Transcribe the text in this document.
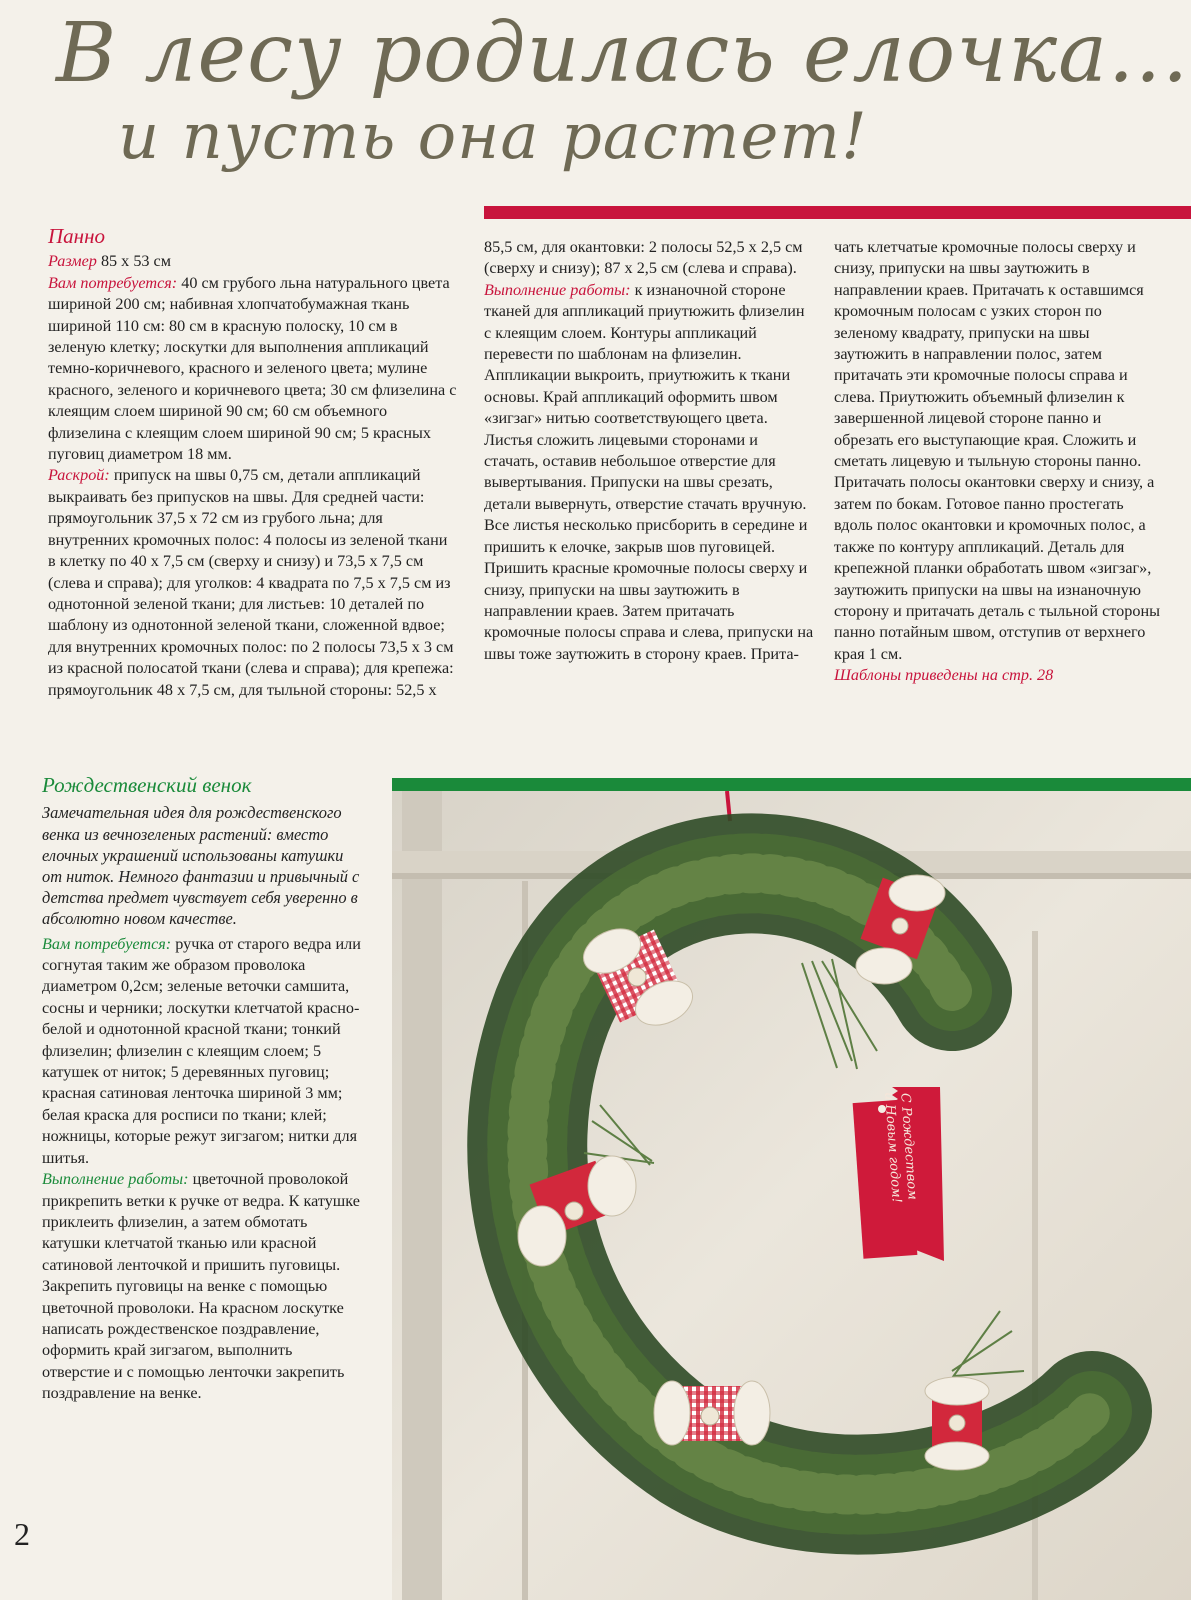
В лесу родилась елочка...
и пусть она растет!
Панно

Размер 85 х 53 см

Вам потребуется: 40 см грубого льна натурального цвета шириной 200 см; набивная хлопчатобумажная ткань шириной 110 см: 80 см в красную полоску, 10 см в зеленую клетку; лоскутки для выполнения аппликаций темно-коричневого, красного и зеленого цвета; мулине красного, зеленого и коричневого цвета; 30 см флизелина с клеящим слоем шириной 90 см; 60 см объемного флизелина с клеящим слоем шириной 90 см; 5 красных пуговиц диаметром 18 мм.

Раскрой: припуск на швы 0,75 см, детали аппликаций выкраивать без припусков на швы. Для средней части: прямоугольник 37,5 х 72 см из грубого льна; для внутренних кромочных полос: 4 полосы из зеленой ткани в клетку по 40 х 7,5 см (сверху и снизу) и 73,5 х 7,5 см (слева и справа); для уголков: 4 квадрата по 7,5 х 7,5 см из однотонной зеленой ткани; для листьев: 10 деталей по шаблону из однотонной зеленой ткани, сложенной вдвое; для внутренних кромочных полос: по 2 полосы 73,5 х 3 см из красной полосатой ткани (слева и справа); для крепежа: прямоугольник 48 х 7,5 см, для тыльной стороны: 52,5 х

85,5 см, для окантовки: 2 полосы 52,5 х 2,5 см (сверху и снизу); 87 х 2,5 см (слева и справа).

Выполнение работы: к изнаночной стороне тканей для аппликаций приутюжить флизелин с клеящим слоем. Контуры аппликаций перевести по шаблонам на флизелин. Аппликации выкроить, приутюжить к ткани основы. Край аппликаций оформить швом «зигзаг» нитью соответствующего цвета. Листья сложить лицевыми сторонами и стачать, оставив небольшое отверстие для вывертывания. Припуски на швы срезать, детали вывернуть, отверстие стачать вручную. Все листья несколько присборить в середине и пришить к елочке, закрыв шов пуговицей. Пришить красные кромочные полосы сверху и снизу, припуски на швы заутюжить в направлении краев. Затем притачать кромочные полосы справа и слева, припуски на швы тоже заутюжить в сторону краев. Прита-

чать клетчатые кромочные полосы сверху и снизу, припуски на швы заутюжить в направлении краев. Притачать к оставшимся кромочным полосам с узких сторон по зеленому квадрату, припуски на швы заутюжить в направлении полос, затем притачать эти кромочные полосы справа и слева. Приутюжить объемный флизелин к завершенной лицевой стороне панно и обрезать его выступающие края. Сложить и сметать лицевую и тыльную стороны панно. Притачать полосы окантовки сверху и снизу, а затем по бокам. Готовое панно простегать вдоль полос окантовки и кромочных полос, а также по контуру аппликаций. Деталь для крепежной планки обработать швом «зигзаг», заутюжить припуски на швы на изнаночную сторону и притачать деталь с тыльной стороны панно потайным швом, отступив от верхнего края 1 см.

Шаблоны приведены на стр. 28

Рождественский венок

Замечательная идея для рождественского венка из вечнозеленых растений: вместо елочных украшений использованы катушки от ниток. Немного фантазии и привычный с детства предмет чувствует себя уверенно в абсолютно новом качестве.

Вам потребуется: ручка от старого ведра или согнутая таким же образом проволока диаметром 0,2см; зеленые веточки самшита, сосны и черники; лоскутки клетчатой красно-белой и однотонной красной ткани; тонкий флизелин; флизелин с клеящим слоем; 5 катушек от ниток; 5 деревянных пуговиц; красная сатиновая ленточка шириной 3 мм; белая краска для росписи по ткани; клей; ножницы, которые режут зигзагом; нитки для шитья.

Выполнение работы: цветочной проволокой прикрепить ветки к ручке от ведра. К катушке приклеить флизелин, а затем обмотать катушки клетчатой тканью или красной сатиновой ленточкой и пришить пуговицы. Закрепить пуговицы на венке с помощью цветочной проволоки. На красном лоскутке написать рождественское поздравление, оформить край зигзагом, выполнить отверстие и с помощью ленточки закрепить поздравление на венке.

С Рождеством
и Новым годом!
2
